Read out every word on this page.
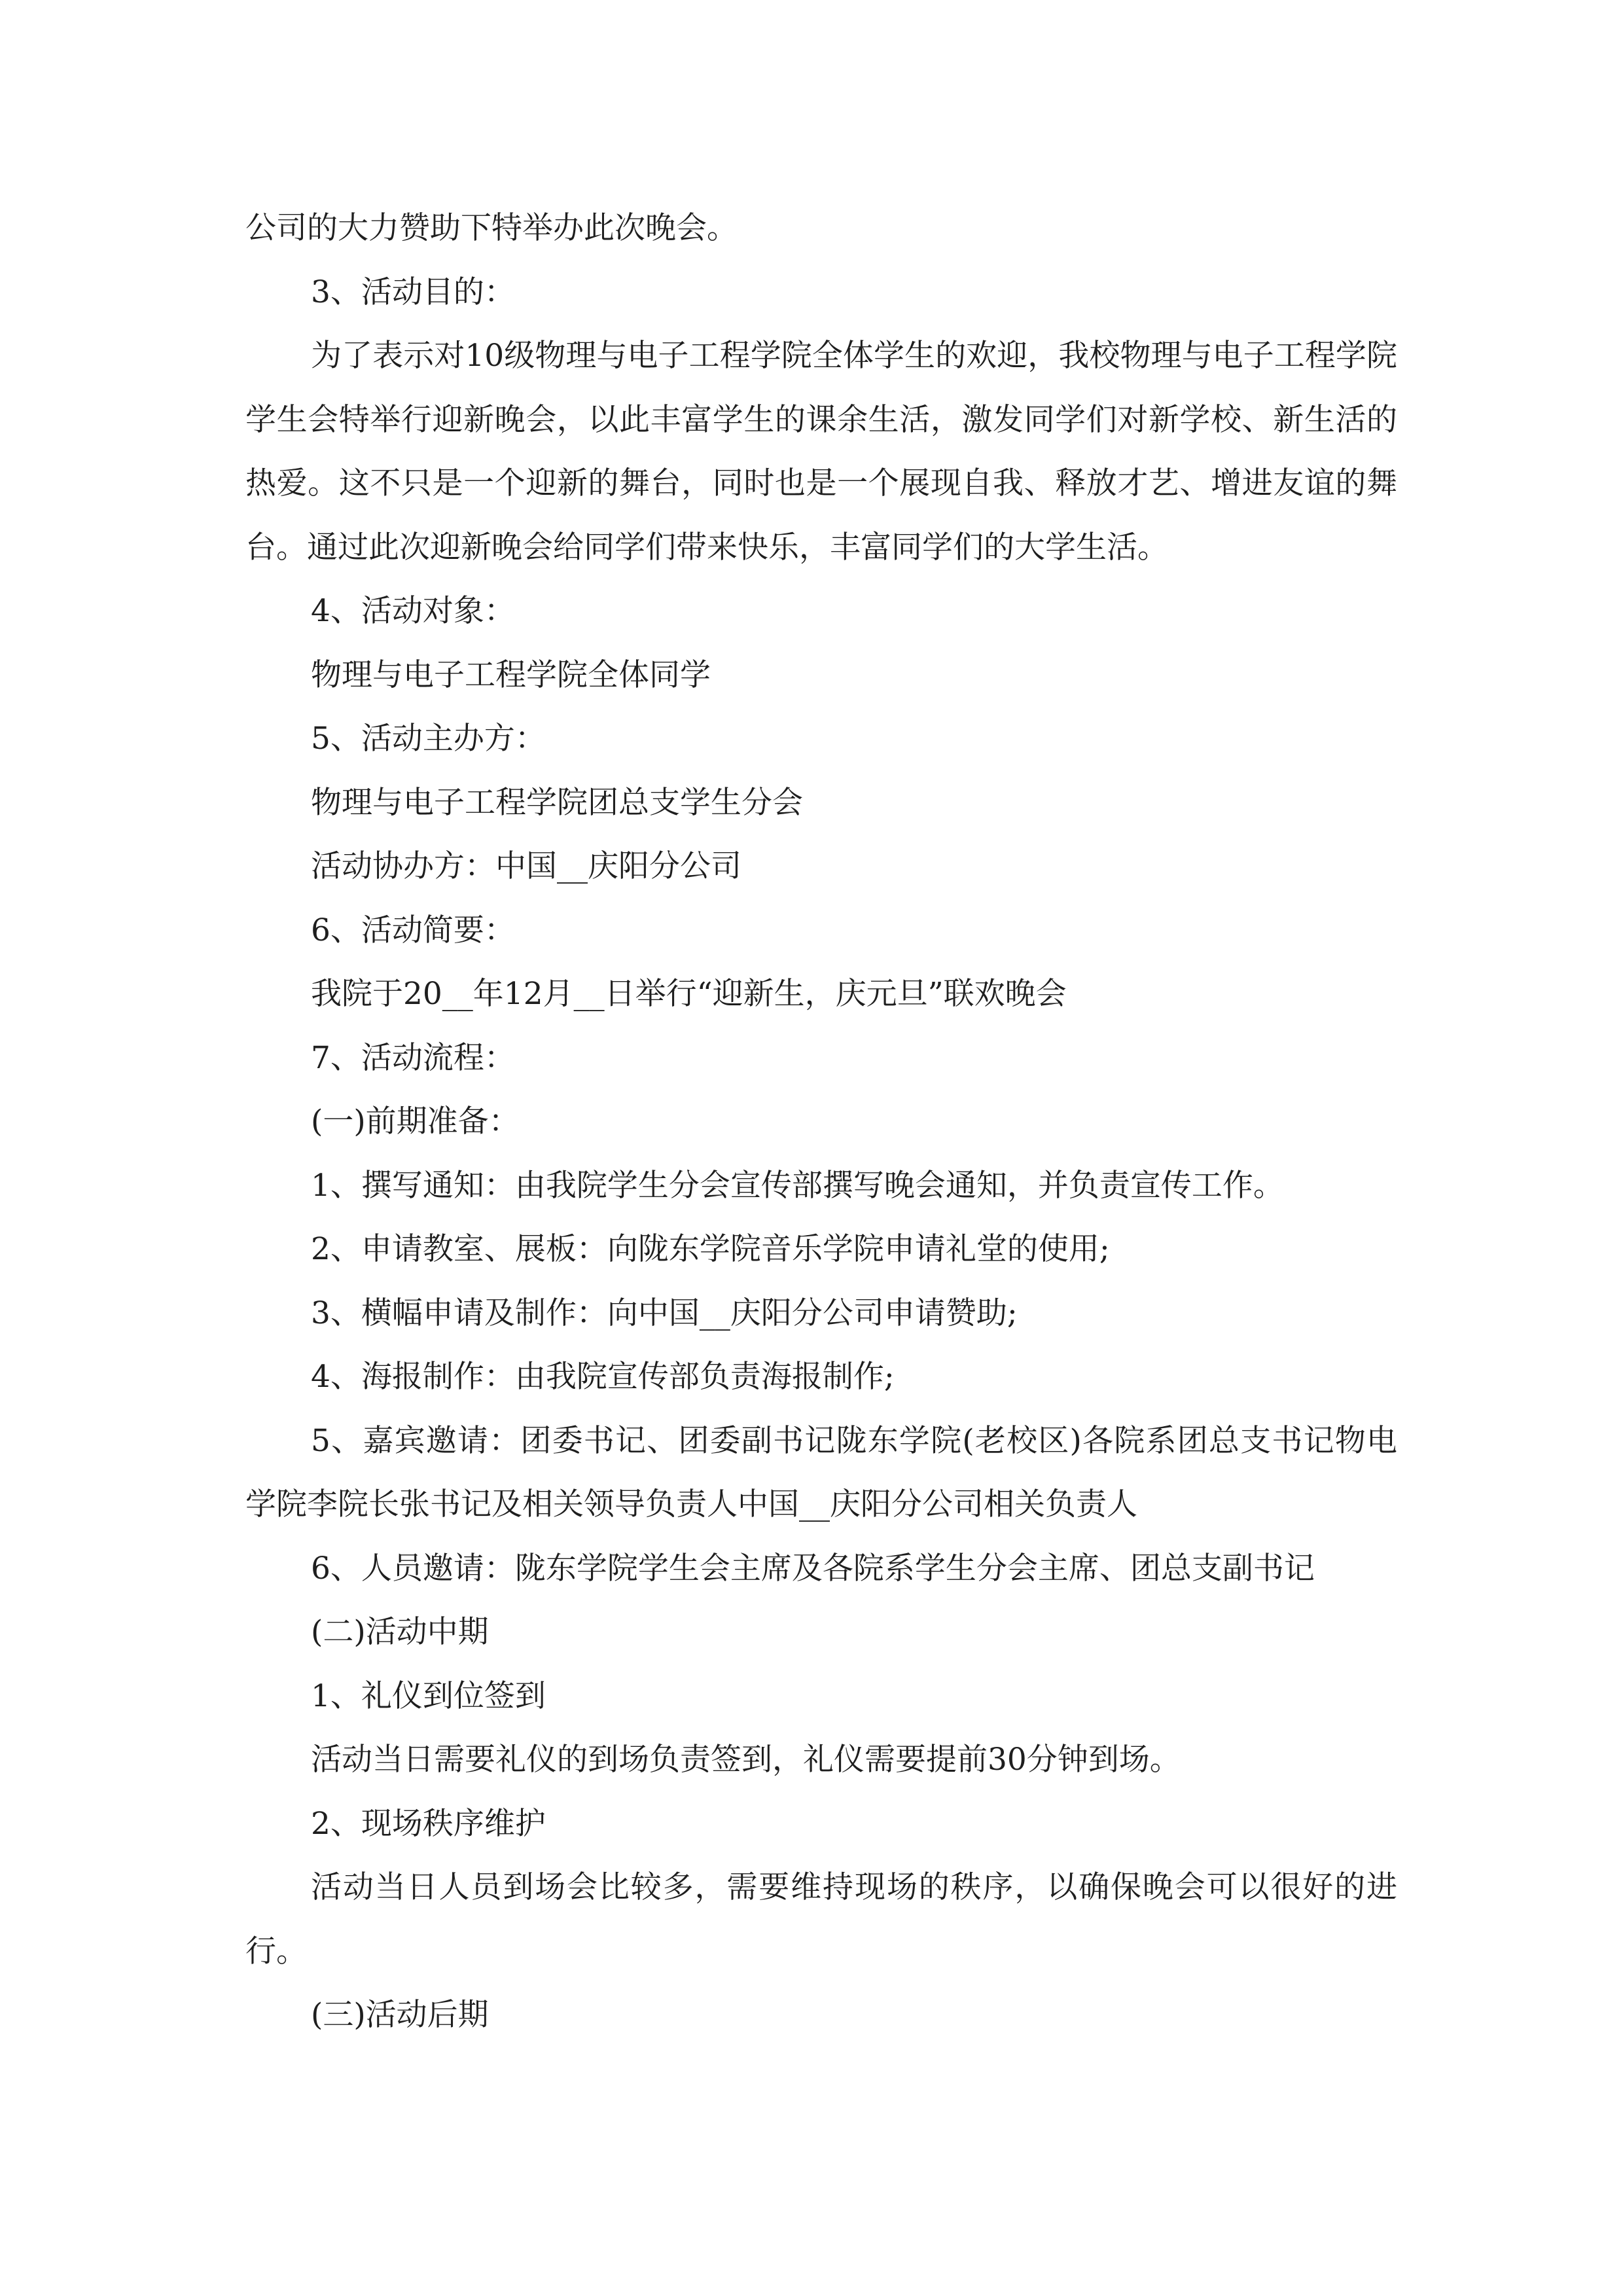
公司的大力赞助下特举办此次晚会。

3、活动目的：

为了表示对10级物理与电子工程学院全体学生的欢迎，我校物理与电子工程学院学生会特举行迎新晚会，以此丰富学生的课余生活，激发同学们对新学校、新生活的热爱。这不只是一个迎新的舞台，同时也是一个展现自我、释放才艺、增进友谊的舞台。通过此次迎新晚会给同学们带来快乐，丰富同学们的大学生活。

4、活动对象：

物理与电子工程学院全体同学

5、活动主办方：

物理与电子工程学院团总支学生分会

活动协办方：中国__庆阳分公司

6、活动简要：

我院于20__年12月__日举行“迎新生，庆元旦”联欢晚会

7、活动流程：

(一)前期准备：

1、撰写通知：由我院学生分会宣传部撰写晚会通知，并负责宣传工作。

2、申请教室、展板：向陇东学院音乐学院申请礼堂的使用;

3、横幅申请及制作：向中国__庆阳分公司申请赞助;

4、海报制作：由我院宣传部负责海报制作;

5、嘉宾邀请：团委书记、团委副书记陇东学院(老校区)各院系团总支书记物电学院李院长张书记及相关领导负责人中国__庆阳分公司相关负责人

6、人员邀请：陇东学院学生会主席及各院系学生分会主席、团总支副书记

(二)活动中期

1、礼仪到位签到

活动当日需要礼仪的到场负责签到，礼仪需要提前30分钟到场。

2、现场秩序维护

活动当日人员到场会比较多，需要维持现场的秩序，以确保晚会可以很好的进行。

(三)活动后期
